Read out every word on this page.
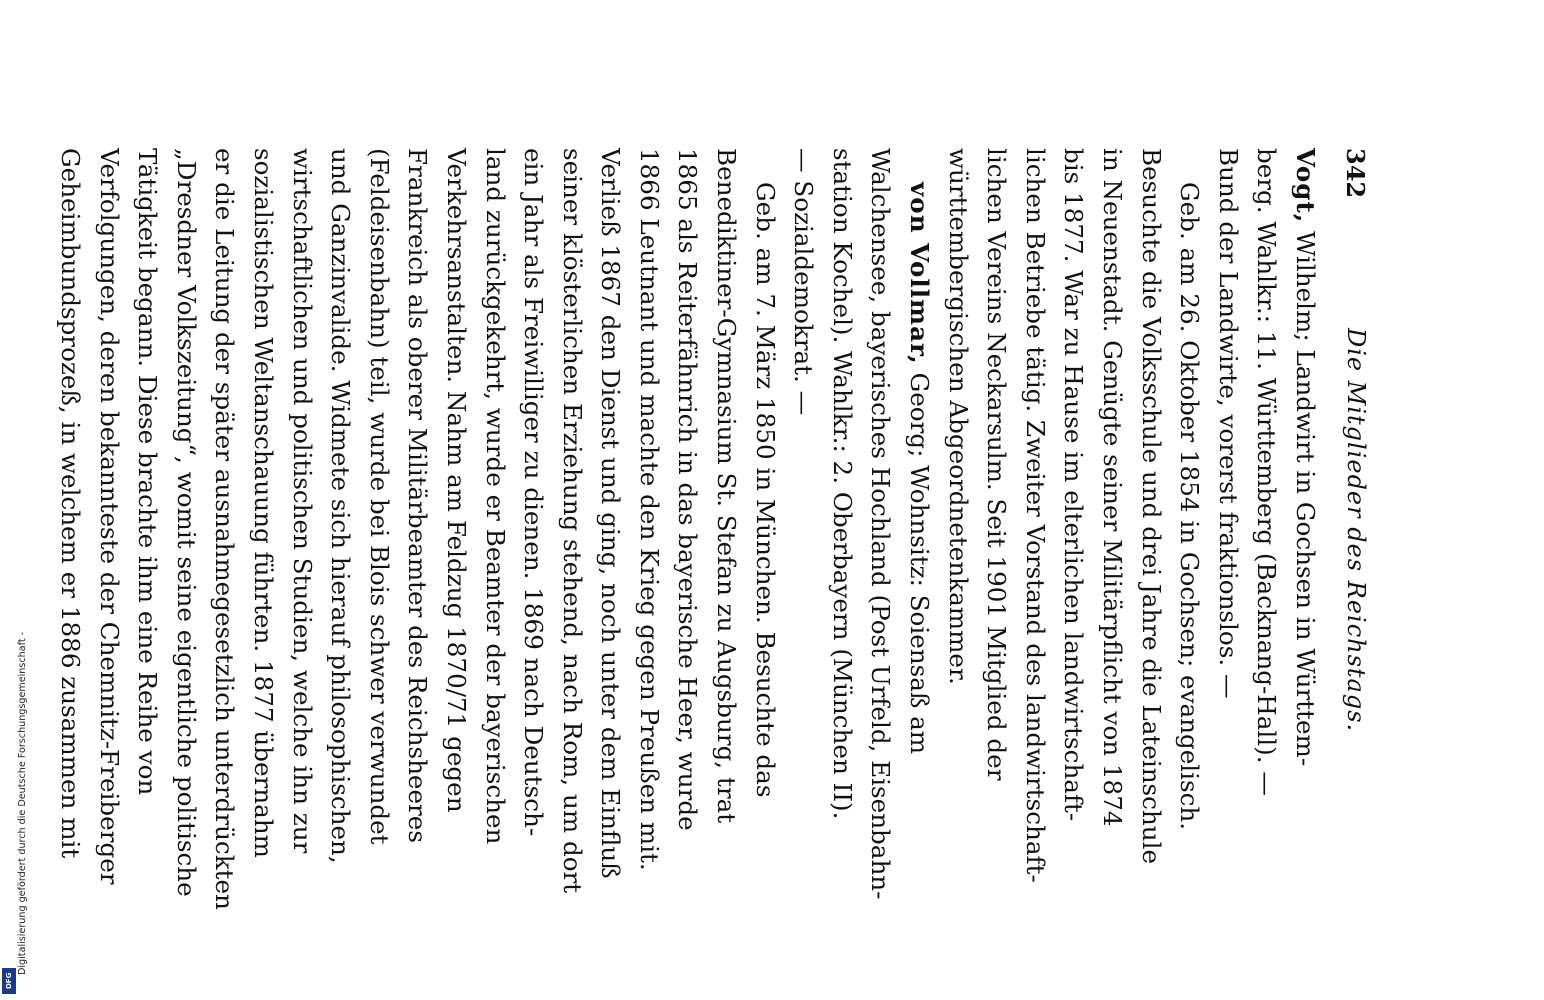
Digitalisierung gefördert durch die Deutsche Forschungsgemeinschaft -
DFG
342
Die Mitglieder des Reichstags.
Vogt, Wilhelm; Landwirt in Gochsen in Württem-
berg. Wahlkr.: 11. Württemberg (Backnang-Hall). —
Bund der Landwirte, vorerst fraktionslos. —
Geb. am 26. Oktober 1854 in Gochsen; evangelisch.
Besuchte die Volksschule und drei Jahre die Lateinschule
in Neuenstadt. Genügte seiner Militärpflicht von 1874
bis 1877. War zu Hause im elterlichen landwirtschaft-
lichen Betriebe tätig. Zweiter Vorstand des landwirtschaft-
lichen Vereins Neckarsulm. Seit 1901 Mitglied der
württembergischen Abgeordnetenkammer.
von Vollmar, Georg; Wohnsitz: Soiensaß am
Walchensee, bayerisches Hochland (Post Urfeld, Eisenbahn-
station Kochel). Wahlkr.: 2. Oberbayern (München II).
— Sozialdemokrat. —
Geb. am 7. März 1850 in München. Besuchte das
Benediktiner-Gymnasium St. Stefan zu Augsburg, trat
1865 als Reiterfähnrich in das bayerische Heer, wurde
1866 Leutnant und machte den Krieg gegen Preußen mit.
Verließ 1867 den Dienst und ging, noch unter dem Einfluß
seiner klösterlichen Erziehung stehend, nach Rom, um dort
ein Jahr als Freiwilliger zu dienen. 1869 nach Deutsch-
land zurückgekehrt, wurde er Beamter der bayerischen
Verkehrsanstalten. Nahm am Feldzug 1870/71 gegen
Frankreich als oberer Militärbeamter des Reichsheeres
(Feldeisenbahn) teil, wurde bei Blois schwer verwundet
und Ganzinvalide. Widmete sich hierauf philosophischen,
wirtschaftlichen und politischen Studien, welche ihn zur
sozialistischen Weltanschauung führten. 1877 übernahm
er die Leitung der später ausnahmegesetzlich unterdrückten
„Dresdner Volkszeitung“, womit seine eigentliche politische
Tätigkeit begann. Diese brachte ihm eine Reihe von
Verfolgungen, deren bekannteste der Chemnitz-Freiberger
Geheimbundsprozeß, in welchem er 1886 zusammen mit
